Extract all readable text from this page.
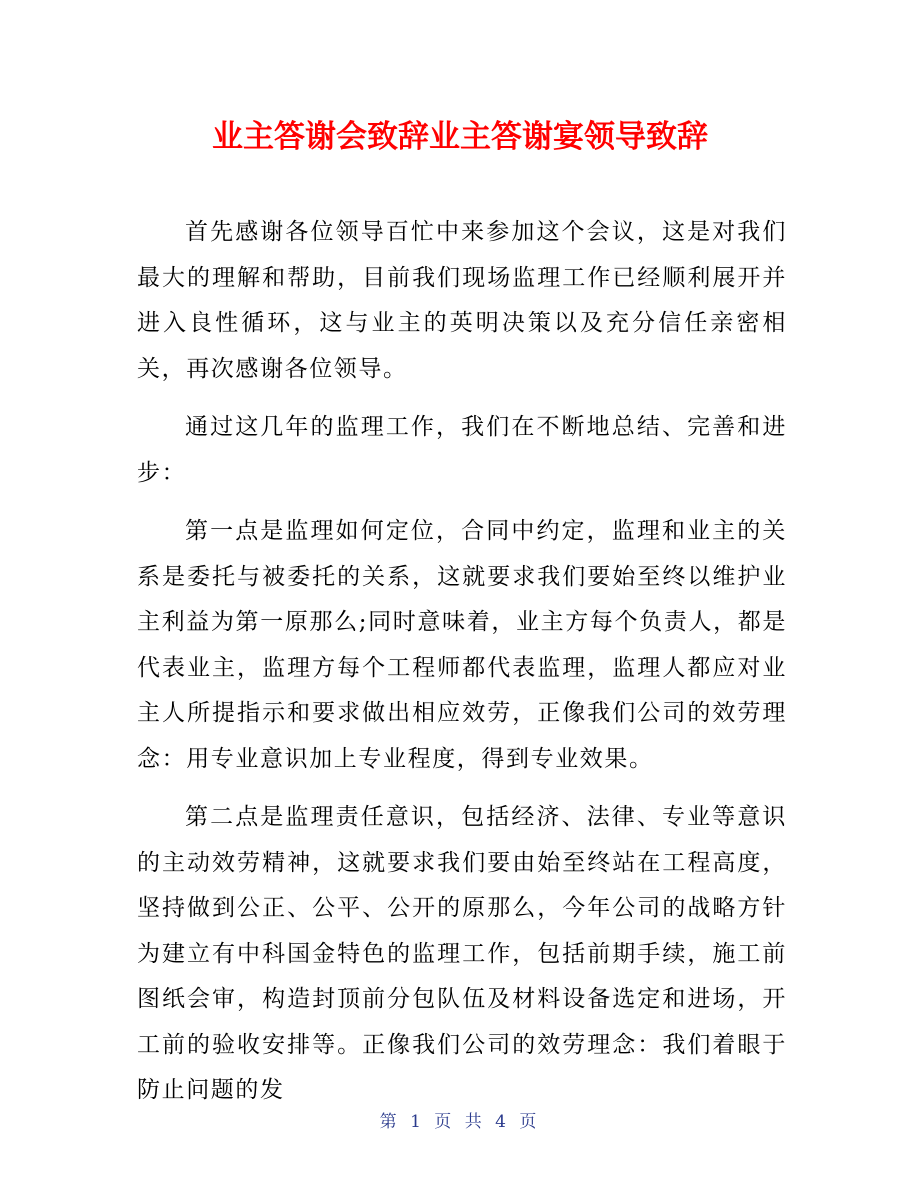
业主答谢会致辞业主答谢宴领导致辞

首先感谢各位领导百忙中来参加这个会议，这是对我们最大的理解和帮助，目前我们现场监理工作已经顺利展开并进入良性循环，这与业主的英明决策以及充分信任亲密相关，再次感谢各位领导。

通过这几年的监理工作，我们在不断地总结、完善和进步：

第一点是监理如何定位，合同中约定，监理和业主的关系是委托与被委托的关系，这就要求我们要始至终以维护业主利益为第一原那么;同时意味着，业主方每个负责人，都是代表业主，监理方每个工程师都代表监理，监理人都应对业主人所提指示和要求做出相应效劳，正像我们公司的效劳理念：用专业意识加上专业程度，得到专业效果。

第二点是监理责任意识，包括经济、法律、专业等意识的主动效劳精神，这就要求我们要由始至终站在工程高度，坚持做到公正、公平、公开的原那么，今年公司的战略方针为建立有中科国金特色的监理工作，包括前期手续，施工前图纸会审，构造封顶前分包队伍及材料设备选定和进场，开工前的验收安排等。正像我们公司的效劳理念：我们着眼于防止问题的发

第 1 页 共 4 页
